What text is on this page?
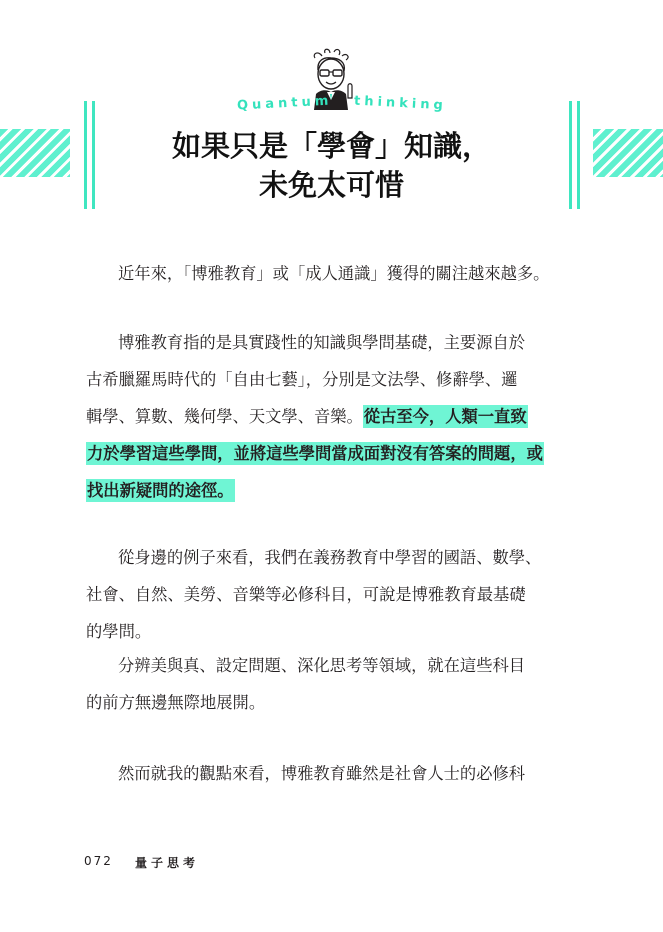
Quantum thinking
如果只是「學會」知識，
未免太可惜
近年來，「博雅教育」或「成人通識」獲得的關注越來越多。
博雅教育指的是具實踐性的知識與學問基礎，主要源自於
古希臘羅馬時代的「自由七藝」，分別是文法學、修辭學、邏
輯學、算數、幾何學、天文學、音樂。從古至今，人類一直致
力於學習這些學問，並將這些學問當成面對沒有答案的問題，或
找出新疑問的途徑。
從身邊的例子來看，我們在義務教育中學習的國語、數學、
社會、自然、美勞、音樂等必修科目，可說是博雅教育最基礎
的學問。
分辨美與真、設定問題、深化思考等領域，就在這些科目
的前方無邊無際地展開。
然而就我的觀點來看，博雅教育雖然是社會人士的必修科
072 量子思考
